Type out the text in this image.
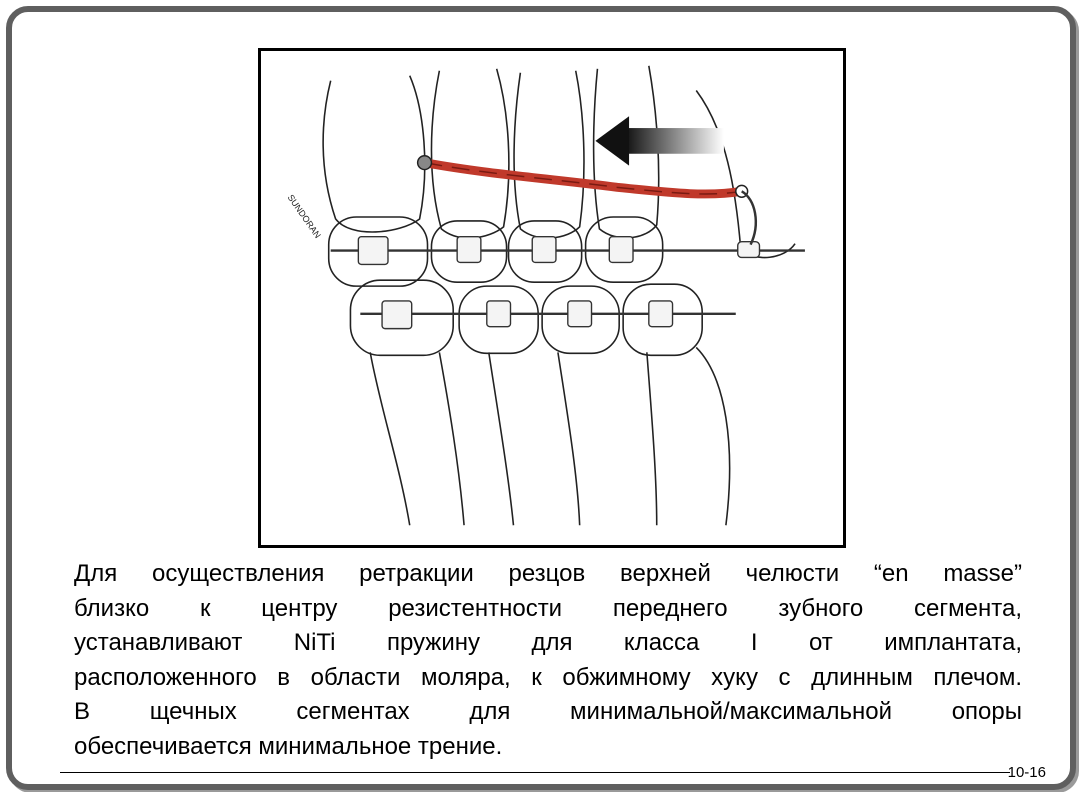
SUNDORAN

Для осуществления ретракции резцов верхней челюсти “en masse”
близко к центру резистентности переднего зубного сегмента,
устанавливают NiTi пружину для класса I от имплантата,
расположенного в области моляра, к обжимному хуку с длинным плечом.
В щечных сегментах для минимальной/максимальной опоры
обеспечивается минимальное трение.

10-16
